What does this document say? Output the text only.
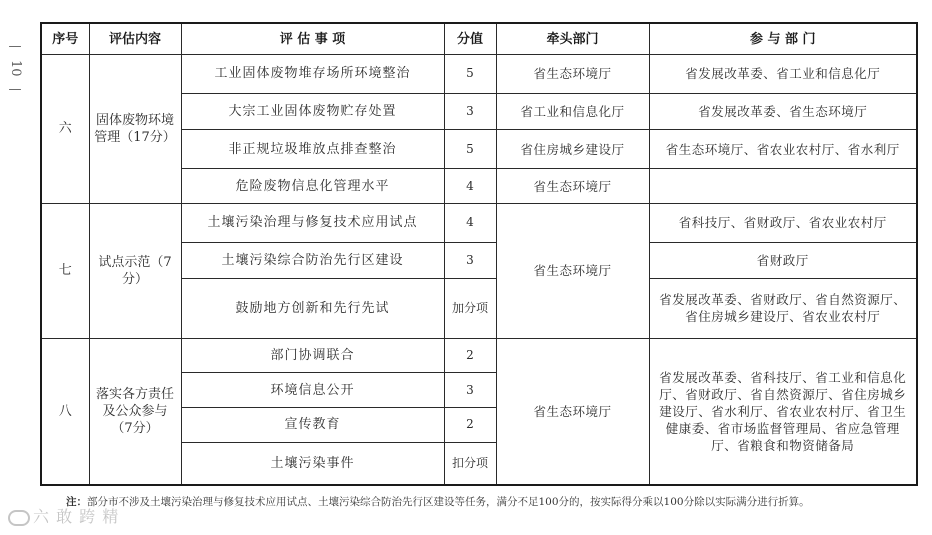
—
10
—
序号	评估内容	评 估 事 项	分值	牵头部门	参 与 部 门
六	固体废物环境管理（17分）	工业固体废物堆存场所环境整治	5	省生态环境厅	省发展改革委、省工业和信息化厅
		大宗工业固体废物贮存处置	3	省工业和信息化厅	省发展改革委、省生态环境厅
		非正规垃圾堆放点排查整治	5	省住房城乡建设厅	省生态环境厅、省农业农村厅、省水利厅
		危险废物信息化管理水平	4	省生态环境厅	
七	试点示范（7分）	土壤污染治理与修复技术应用试点	4	省生态环境厅	省科技厅、省财政厅、省农业农村厅
		土壤污染综合防治先行区建设	3		省财政厅
		鼓励地方创新和先行先试	加分项		省发展改革委、省财政厅、省自然资源厅、省住房城乡建设厅、省农业农村厅
八	落实各方责任及公众参与（7分）	部门协调联合	2	省生态环境厅	省发展改革委、省科技厅、省工业和信息化厅、省财政厅、省自然资源厅、省住房城乡建设厅、省水利厅、省农业农村厅、省卫生健康委、省市场监督管理局、省应急管理厅、省粮食和物资储备局
		环境信息公开	3		
		宣传教育	2		
		土壤污染事件	扣分项		
注：部分市不涉及土壤污染治理与修复技术应用试点、土壤污染综合防治先行区建设等任务，满分不足100分的，按实际得分乘以100分除以实际满分进行折算。
六 敢 跨 精
